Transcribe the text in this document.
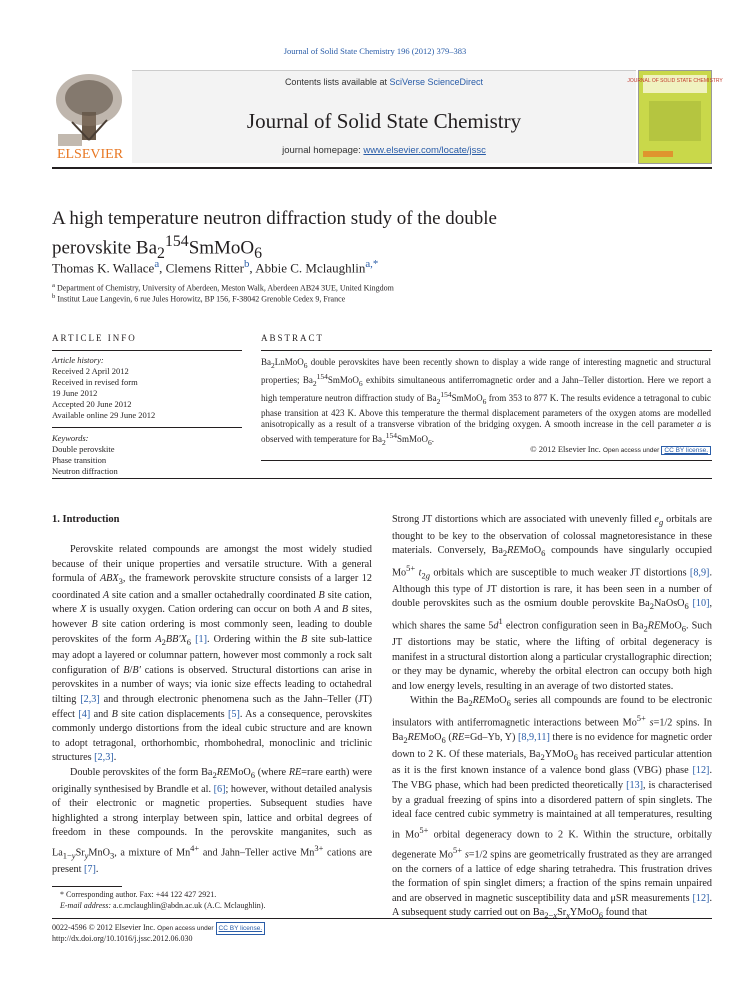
Journal of Solid State Chemistry 196 (2012) 379–383
ELSEVIER
Contents lists available at SciVerse ScienceDirect
Journal of Solid State Chemistry
journal homepage: www.elsevier.com/locate/jssc
JOURNAL OF SOLID STATE CHEMISTRY
A high temperature neutron diffraction study of the double
perovskite $Ba_2^{154}SmMoO_6$
Thomas K. Wallace$^a$, Clemens Ritter$^b$, Abbie C. Mclaughlin$^{a,*}$
$^a$ Department of Chemistry, University of Aberdeen, Meston Walk, Aberdeen AB24 3UE, United Kingdom
$^b$ Institut Laue Langevin, 6 rue Jules Horowitz, BP 156, F-38042 Grenoble Cedex 9, France
ARTICLE INFO	ABSTRACT
Article history:
Received 2 April 2012
Received in revised form
19 June 2012
Accepted 20 June 2012
Available online 29 June 2012
Keywords:
Double perovskite
Phase transition
Neutron diffraction
$Ba_2LnMoO_6$ double perovskites have been recently shown to display a wide range of interesting magnetic and structural properties; $Ba_2^{154}SmMoO_6$ exhibits simultaneous antiferromagnetic order and a Jahn–Teller distortion. Here we report a high temperature neutron diffraction study of $Ba_2^{154}SmMoO_6$ from 353 to 877 K. The results evidence a tetragonal to cubic phase transition at 423 K. Above this temperature the thermal displacement parameters of the oxygen atoms are modelled anisotropically as a result of a transverse vibration of the bridging oxygen. A smooth increase in the cell parameter a is observed with temperature for $Ba_2^{154}SmMoO_6$.
© 2012 Elsevier Inc. Open access under CC BY license.
1. Introduction

Perovskite related compounds are amongst the most widely studied because of their unique properties and versatile structure. With a general formula of $ABX_3$, the framework perovskite structure consists of a larger 12 coordinated A site cation and a smaller octahedrally coordinated B site cation, where X is usually oxygen. Cation ordering can occur on both A and B sites, however B site cation ordering is most commonly seen, leading to double perovskites of the form $A_2BB'X_6$ [1]. Ordering within the B site sub-lattice may adopt a layered or columnar pattern, however most commonly a rock salt configuration of B/B′ cations is observed. Structural distortions can arise in perovskites in a number of ways; via ionic size effects leading to octahedral tilting [2,3] and through electronic phenomena such as the Jahn–Teller (JT) effect [4] and B site cation displacements [5]. As a consequence, perovskites commonly undergo distortions from the ideal cubic structure and are known to adopt tetragonal, orthorhombic, rhombohedral, monoclinic and triclinic structures [2,3].

Double perovskites of the form $Ba_2REMoO_6$ (where RE=rare earth) were originally synthesised by Brandle et al. [6]; however, without detailed analysis of their electronic or magnetic properties. Subsequent studies have highlighted a strong interplay between spin, lattice and orbital degrees of freedom in these compounds. In the perovskite manganites, such as $La_{1-y}Sr_yMnO_3$, a mixture of $Mn^{4+}$ and Jahn–Teller active $Mn^{3+}$ cations are present [7].

Strong JT distortions which are associated with unevenly filled $e_g$ orbitals are thought to be key to the observation of colossal magnetoresistance in these materials. Conversely, $Ba_2REMoO_6$ compounds have singularly occupied $Mo^{5+}$ $t_{2g}$ orbitals which are susceptible to much weaker JT distortions [8,9]. Although this type of JT distortion is rare, it has been seen in a number of double perovskites such as the osmium double perovskite $Ba_2NaOsO_6$ [10], which shares the same $5d^1$ electron configuration seen in $Ba_2REMoO_6$. Such JT distortions may be static, where the lifting of orbital degeneracy is manifest in a structural distortion along a particular crystallographic direction; or they may be dynamic, whereby the orbital electron can occupy both high and low energy levels, resulting in an average of two distorted states.

Within the $Ba_2REMoO_6$ series all compounds are found to be electronic insulators with antiferromagnetic interactions between $Mo^{5+}$ s=1/2 spins. In $Ba_2REMoO_6$ (RE=Gd–Yb, Y) [8,9,11] there is no evidence for magnetic order down to 2 K. Of these materials, $Ba_2YMoO_6$ has received particular attention as it is the first known instance of a valence bond glass (VBG) phase [12]. The VBG phase, which had been predicted theoretically [13], is characterised by a gradual freezing of spins into a disordered pattern of spin singlets. The ideal face centred cubic symmetry is maintained at all temperatures, resulting in $Mo^{5+}$ orbital degeneracy down to 2 K. Within the structure, orbitally degenerate $Mo^{5+}$ s=1/2 spins are geometrically frustrated as they are arranged on the corners of a lattice of edge sharing tetrahedra. This frustration drives the formation of spin singlet dimers; a fraction of the spins remain unpaired and are observed in magnetic susceptibility data and μSR measurements [12]. A subsequent study carried out on $Ba_{2-x}Sr_xYMoO_6$ found that

* Corresponding author. Fax: +44 122 427 2921.
E-mail address: a.c.mclaughlin@abdn.ac.uk (A.C. Mclaughlin).
0022-4596 © 2012 Elsevier Inc. Open access under CC BY license.
http://dx.doi.org/10.1016/j.jssc.2012.06.030
